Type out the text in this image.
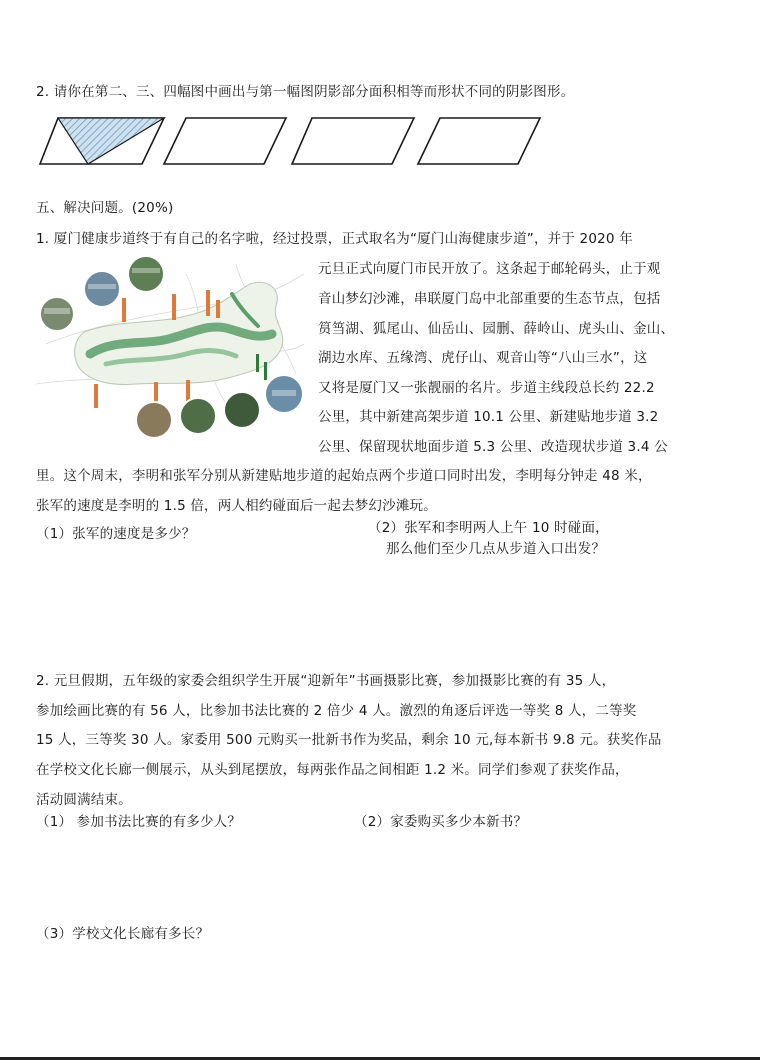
2. 请你在第二、三、四幅图中画出与第一幅图阴影部分面积相等而形状不同的阴影图形。
五、解决问题。(20%)
1. 厦门健康步道终于有自己的名字啦，经过投票，正式取名为“厦门山海健康步道”，并于 2020 年
元旦正式向厦门市民开放了。这条起于邮轮码头，止于观
音山梦幻沙滩，串联厦门岛中北部重要的生态节点，包括
筼筜湖、狐尾山、仙岳山、园删、薛岭山、虎头山、金山、
湖边水库、五缘湾、虎仔山、观音山等“八山三水”，这
又将是厦门又一张靓丽的名片。步道主线段总长约 22.2
公里，其中新建高架步道 10.1 公里、新建贴地步道 3.2
公里、保留现状地面步道 5.3 公里、改造现状步道 3.4 公
里。这个周末，李明和张军分别从新建贴地步道的起始点两个步道口同时出发，李明每分钟走 48 米，
张军的速度是李明的 1.5 倍，两人相约碰面后一起去梦幻沙滩玩。
（1）张军的速度是多少？	（2）张军和李明两人上午 10 时碰面，
那么他们至少几点从步道入口出发？
2. 元旦假期，五年级的家委会组织学生开展“迎新年”书画摄影比赛，参加摄影比赛的有 35 人，
参加绘画比赛的有 56 人，比参加书法比赛的 2 倍少 4 人。激烈的角逐后评选一等奖 8 人，二等奖
15 人，三等奖 30 人。家委用 500 元购买一批新书作为奖品，剩余 10 元,每本新书 9.8 元。获奖作品
在学校文化长廊一侧展示，从头到尾摆放，每两张作品之间相距 1.2 米。同学们参观了获奖作品，
活动圆满结束。
（1） 参加书法比赛的有多少人？	（2）家委购买多少本新书？
（3）学校文化长廊有多长？
